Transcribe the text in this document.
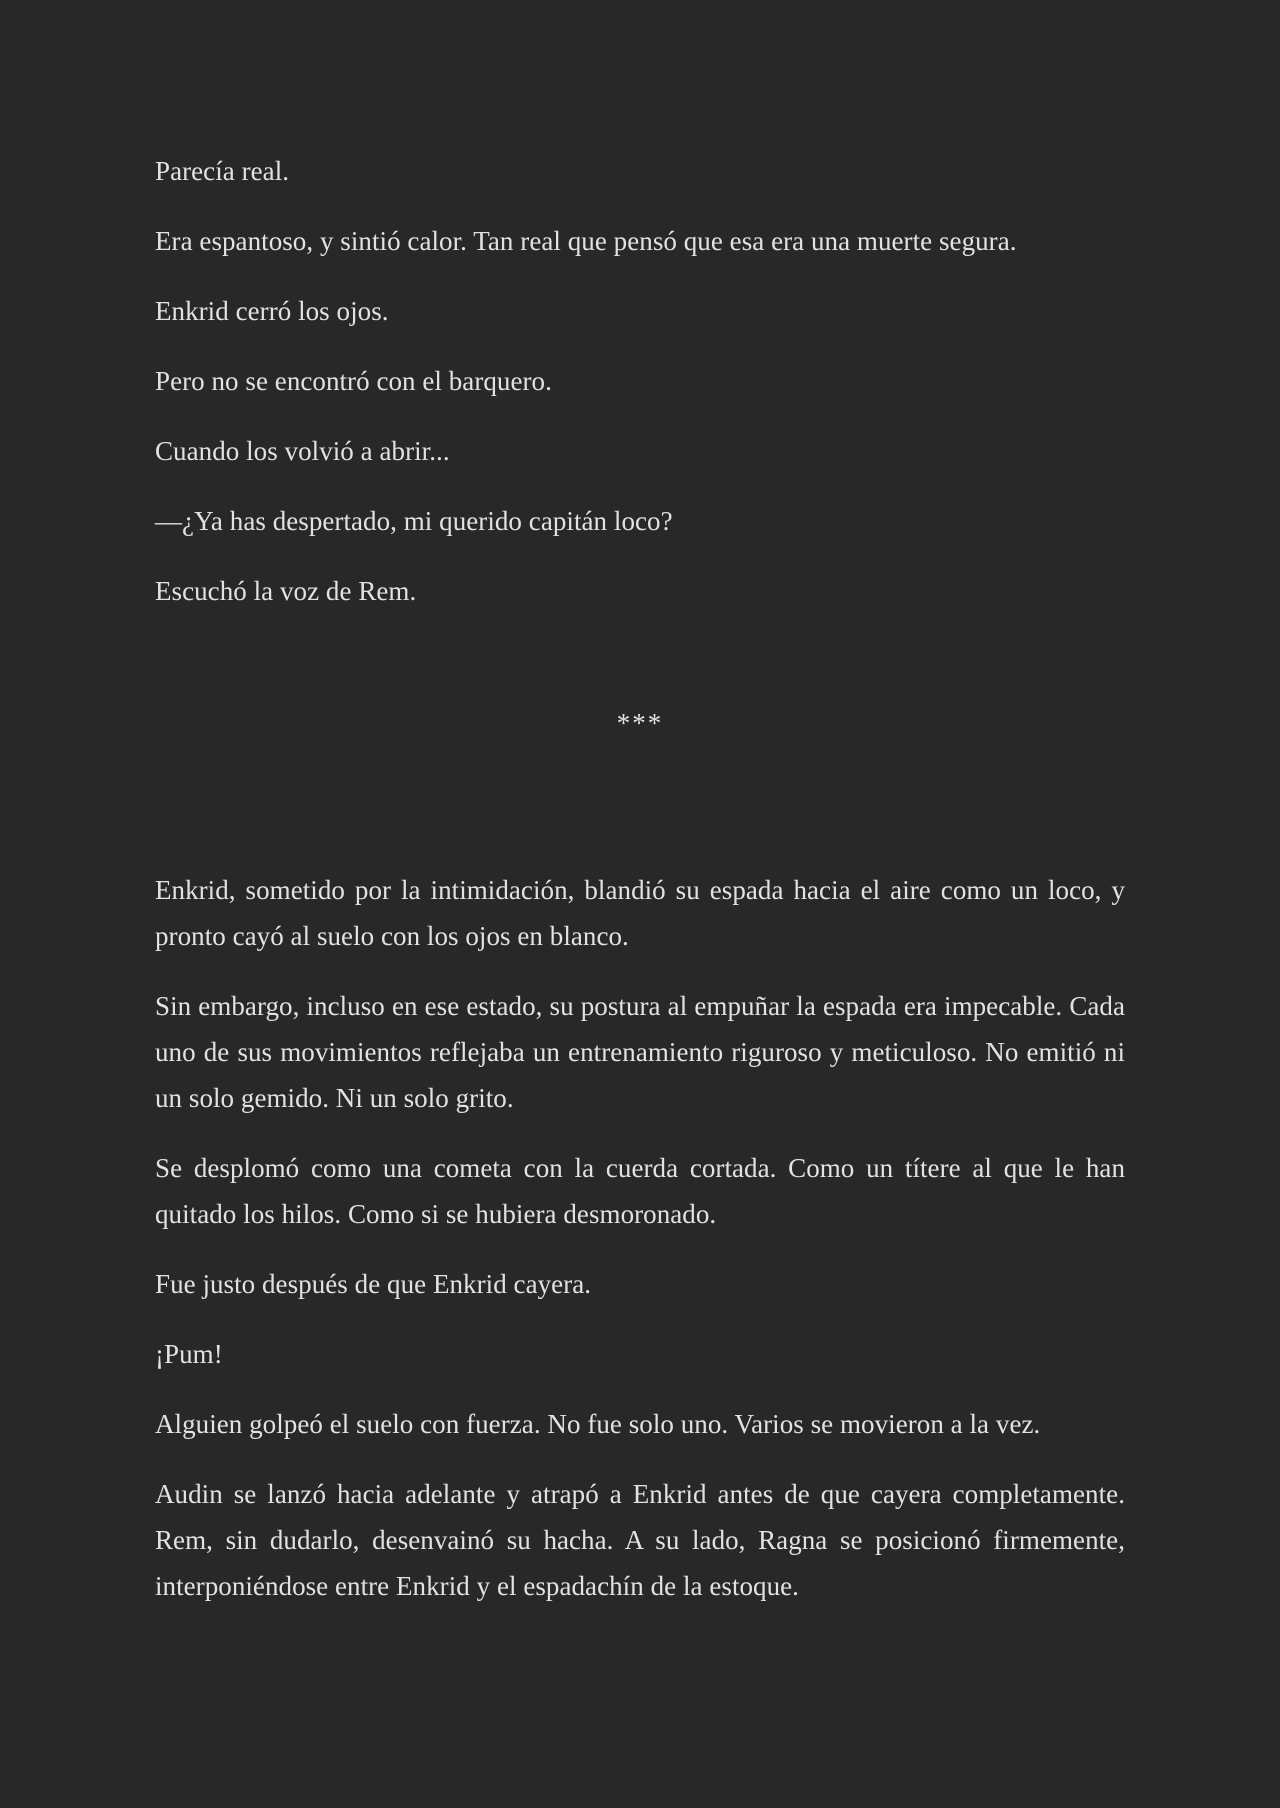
Parecía real.

Era espantoso, y sintió calor. Tan real que pensó que esa era una muerte segura.

Enkrid cerró los ojos.

Pero no se encontró con el barquero.

Cuando los volvió a abrir...

—¿Ya has despertado, mi querido capitán loco?

Escuchó la voz de Rem.

***

Enkrid, sometido por la intimidación, blandió su espada hacia el aire como un loco, y pronto cayó al suelo con los ojos en blanco.

Sin embargo, incluso en ese estado, su postura al empuñar la espada era impecable. Cada uno de sus movimientos reflejaba un entrenamiento riguroso y meticuloso. No emitió ni un solo gemido. Ni un solo grito.

Se desplomó como una cometa con la cuerda cortada. Como un títere al que le han quitado los hilos. Como si se hubiera desmoronado.

Fue justo después de que Enkrid cayera.

¡Pum!

Alguien golpeó el suelo con fuerza. No fue solo uno. Varios se movieron a la vez.

Audin se lanzó hacia adelante y atrapó a Enkrid antes de que cayera completamente. Rem, sin dudarlo, desenvainó su hacha. A su lado, Ragna se posicionó firmemente, interponiéndose entre Enkrid y el espadachín de la estoque.
